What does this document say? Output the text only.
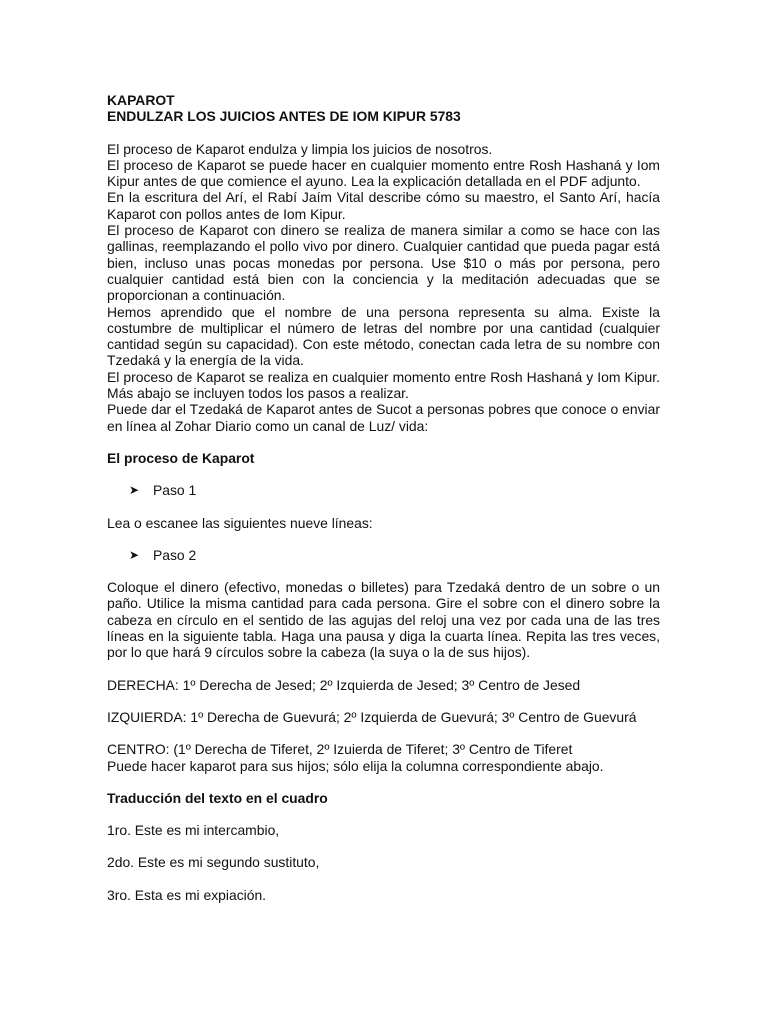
KAPAROT

ENDULZAR LOS JUICIOS ANTES DE IOM KIPUR 5783

El proceso de Kaparot endulza y limpia los juicios de nosotros.

El proceso de Kaparot se puede hacer en cualquier momento entre Rosh Hashaná y Iom Kipur antes de que comience el ayuno. Lea la explicación detallada en el PDF adjunto.

En la escritura del Arí, el Rabí Jaím Vital describe cómo su maestro, el Santo Arí, hacía Kaparot con pollos antes de Iom Kipur.

El proceso de Kaparot con dinero se realiza de manera similar a como se hace con las gallinas, reemplazando el pollo vivo por dinero. Cualquier cantidad que pueda pagar está bien, incluso unas pocas monedas por persona. Use $10 o más por persona, pero cualquier cantidad está bien con la conciencia y la meditación adecuadas que se proporcionan a continuación.

Hemos aprendido que el nombre de una persona representa su alma. Existe la costumbre de multiplicar el número de letras del nombre por una cantidad (cualquier cantidad según su capacidad). Con este método, conectan cada letra de su nombre con Tzedaká y la energía de la vida.

El proceso de Kaparot se realiza en cualquier momento entre Rosh Hashaná y Iom Kipur. Más abajo se incluyen todos los pasos a realizar.

Puede dar el Tzedaká de Kaparot antes de Sucot a personas pobres que conoce o enviar en línea al Zohar Diario como un canal de Luz/ vida:

El proceso de Kaparot

➤	Paso 1

Lea o escanee las siguientes nueve líneas:

➤	Paso 2

Coloque el dinero (efectivo, monedas o billetes) para Tzedaká dentro de un sobre o un paño. Utilice la misma cantidad para cada persona. Gire el sobre con el dinero sobre la cabeza en círculo en el sentido de las agujas del reloj una vez por cada una de las tres líneas en la siguiente tabla. Haga una pausa y diga la cuarta línea. Repita las tres veces, por lo que hará 9 círculos sobre la cabeza (la suya o la de sus hijos).

DERECHA: 1º Derecha de Jesed; 2º Izquierda de Jesed; 3º Centro de Jesed

IZQUIERDA: 1º Derecha de Guevurá; 2º Izquierda de Guevurá; 3º Centro de Guevurá

CENTRO: (1º Derecha de Tiferet, 2º Izuierda de Tiferet; 3º Centro de Tiferet

Puede hacer kaparot para sus hijos; sólo elija la columna correspondiente abajo.

Traducción del texto en el cuadro

1ro. Este es mi intercambio,

2do. Este es mi segundo sustituto,

3ro. Esta es mi expiación.
